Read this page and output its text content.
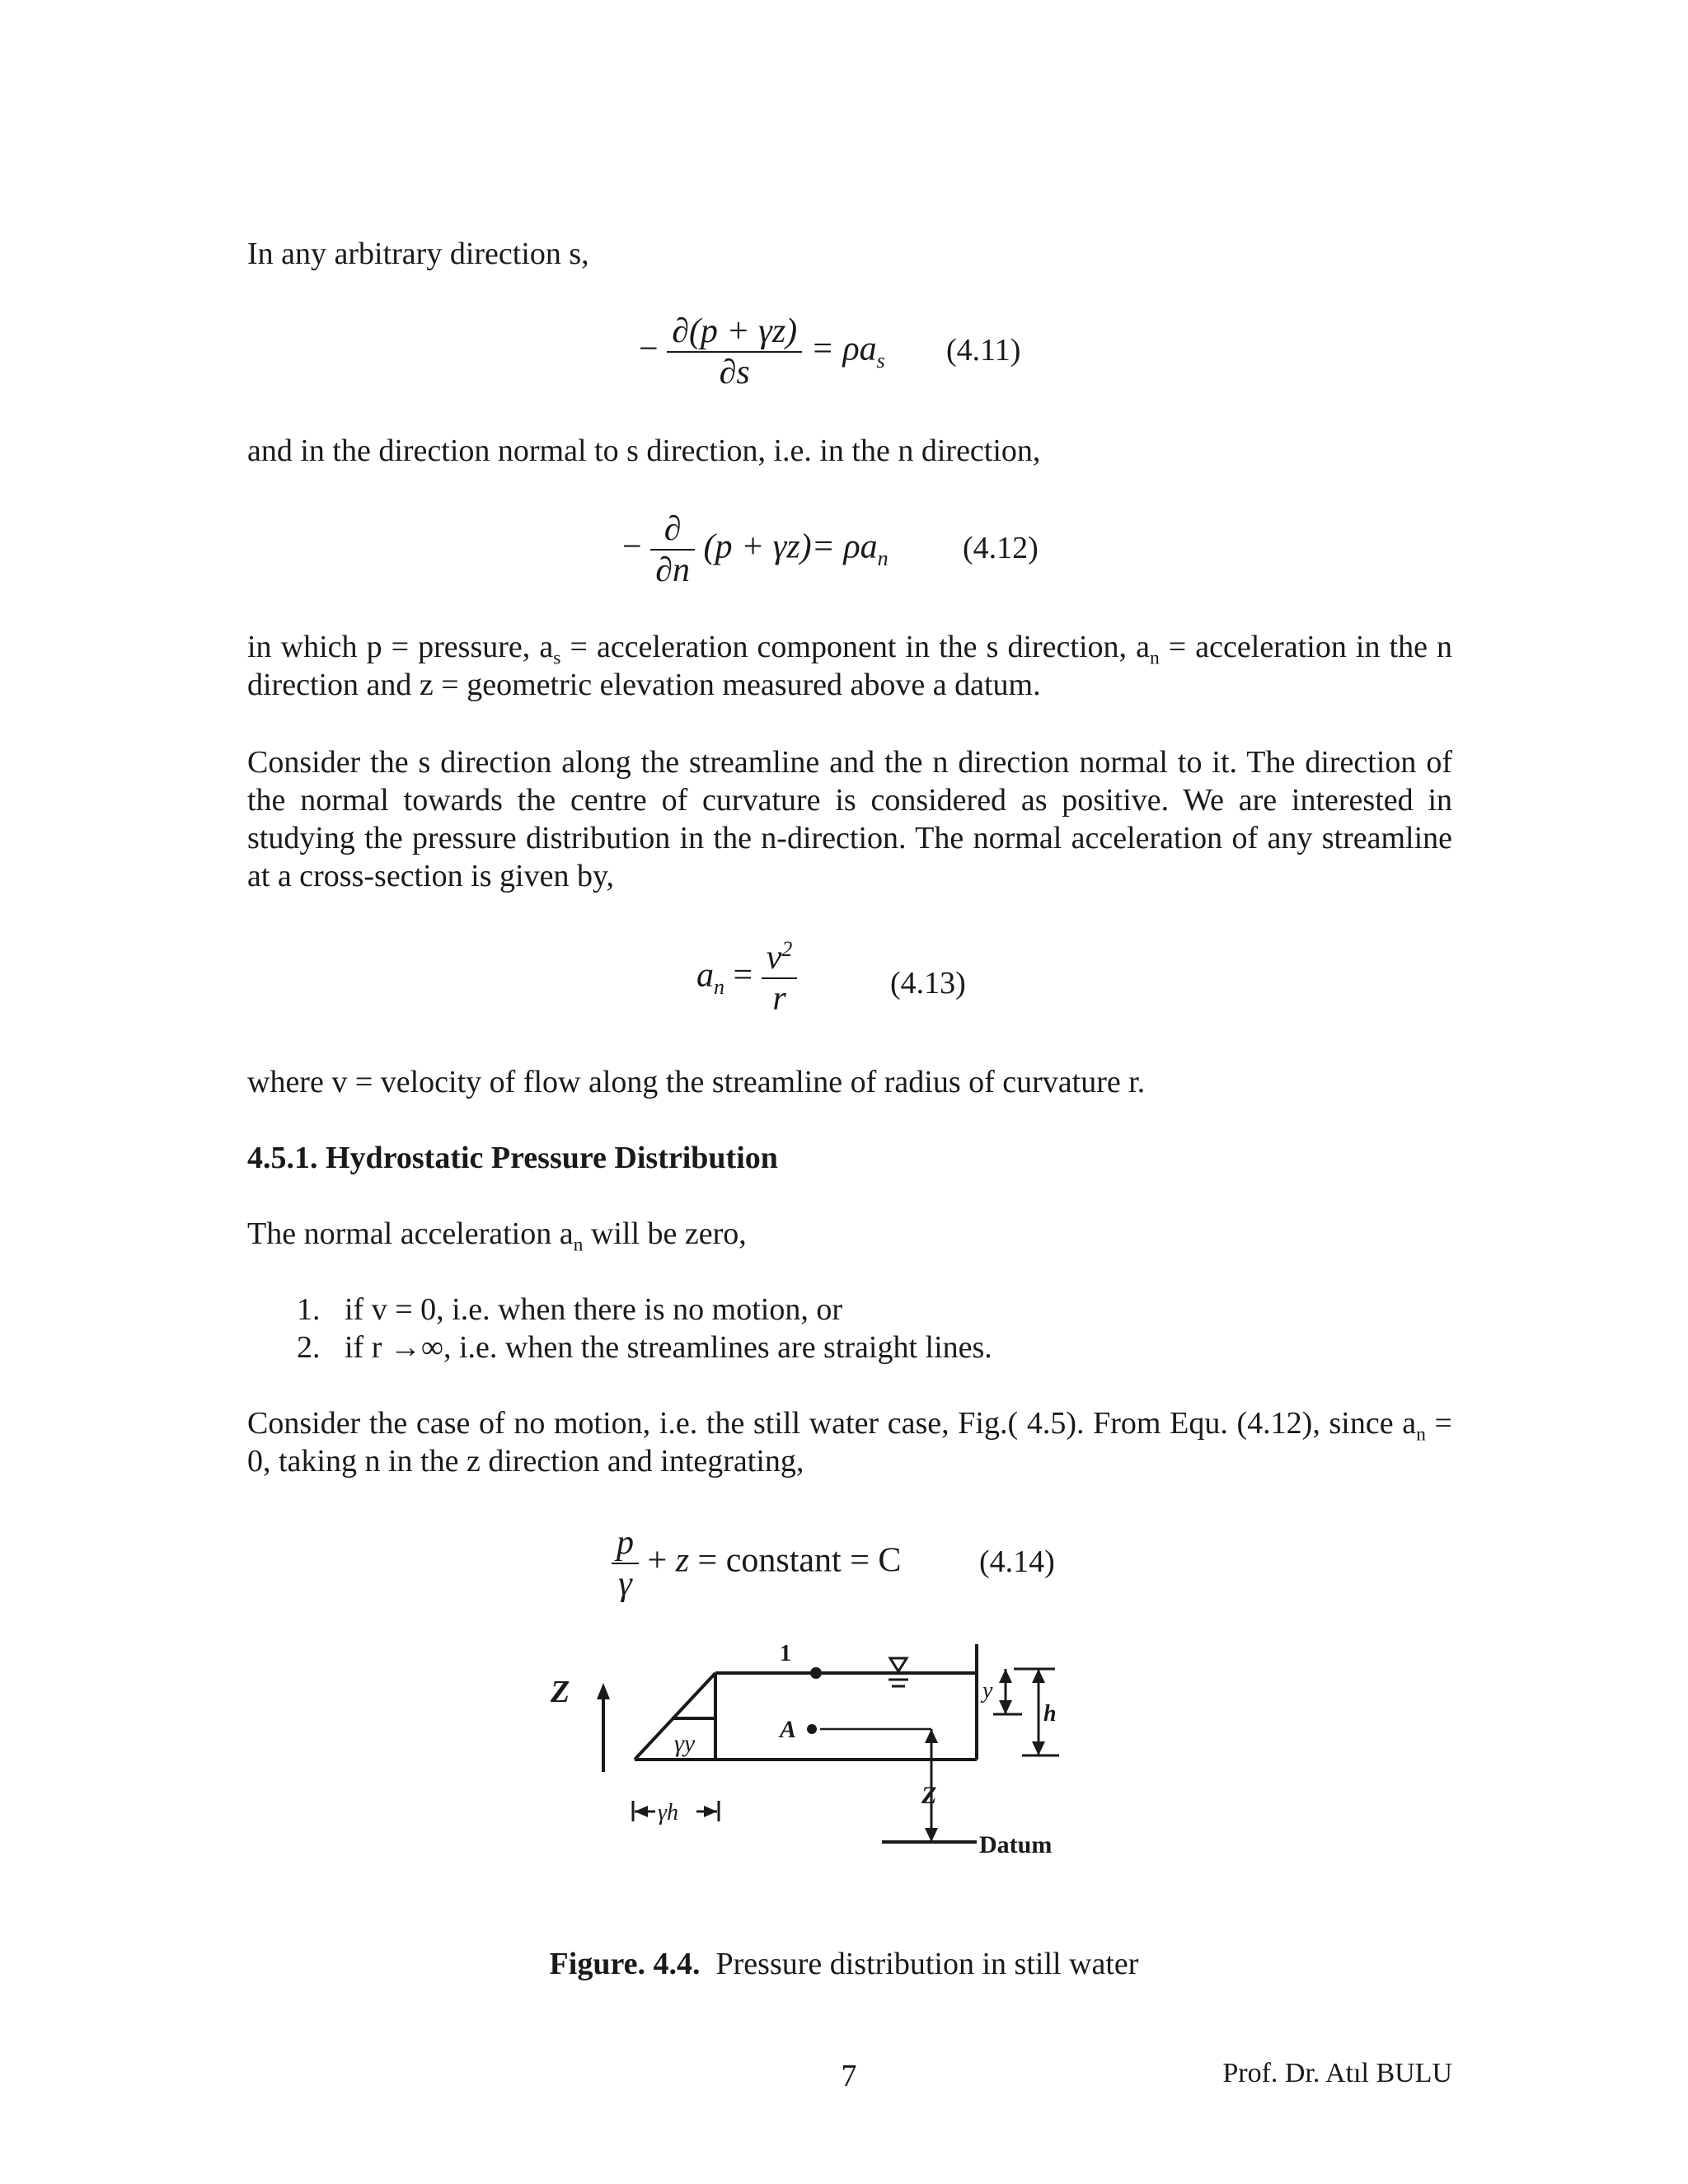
In any arbitrary direction s,
− $\frac{\partial(p + \gamma z)}{\partial s} = \rho a_s$ (4.11)
and in the direction normal to s direction, i.e. in the n direction,
− $\frac{\partial}{\partial n} (p + \gamma z)= \rho a_n$ (4.12)
in which p = pressure, $a_s$ = acceleration component in the s direction, $a_n$ = acceleration in the n direction and z = geometric elevation measured above a datum.
Consider the s direction along the streamline and the n direction normal to it. The direction of the normal towards the centre of curvature is considered as positive. We are interested in studying the pressure distribution in the n-direction. The normal acceleration of any streamline at a cross-section is given by,
$a_n = \frac{v^2}{r}$	(4.13)
where v = velocity of flow along the streamline of radius of curvature r.
4.5.1. Hydrostatic Pressure Distribution
The normal acceleration $a_n$ will be zero,
1. if v = 0, i.e. when there is no motion, or
2. if r →∞, i.e. when the streamlines are straight lines.
Consider the case of no motion, i.e. the still water case, Fig.( 4.5). From Equ. (4.12), since $a_n = 0$, taking n in the z direction and integrating,
$\frac{p}{\gamma} + z$ = constant = C (4.14)
Z
1
A
γy
γh
y
h
Z
Datum
Figure. 4.4. Pressure distribution in still water
7	Prof. Dr. Atıl BULU
